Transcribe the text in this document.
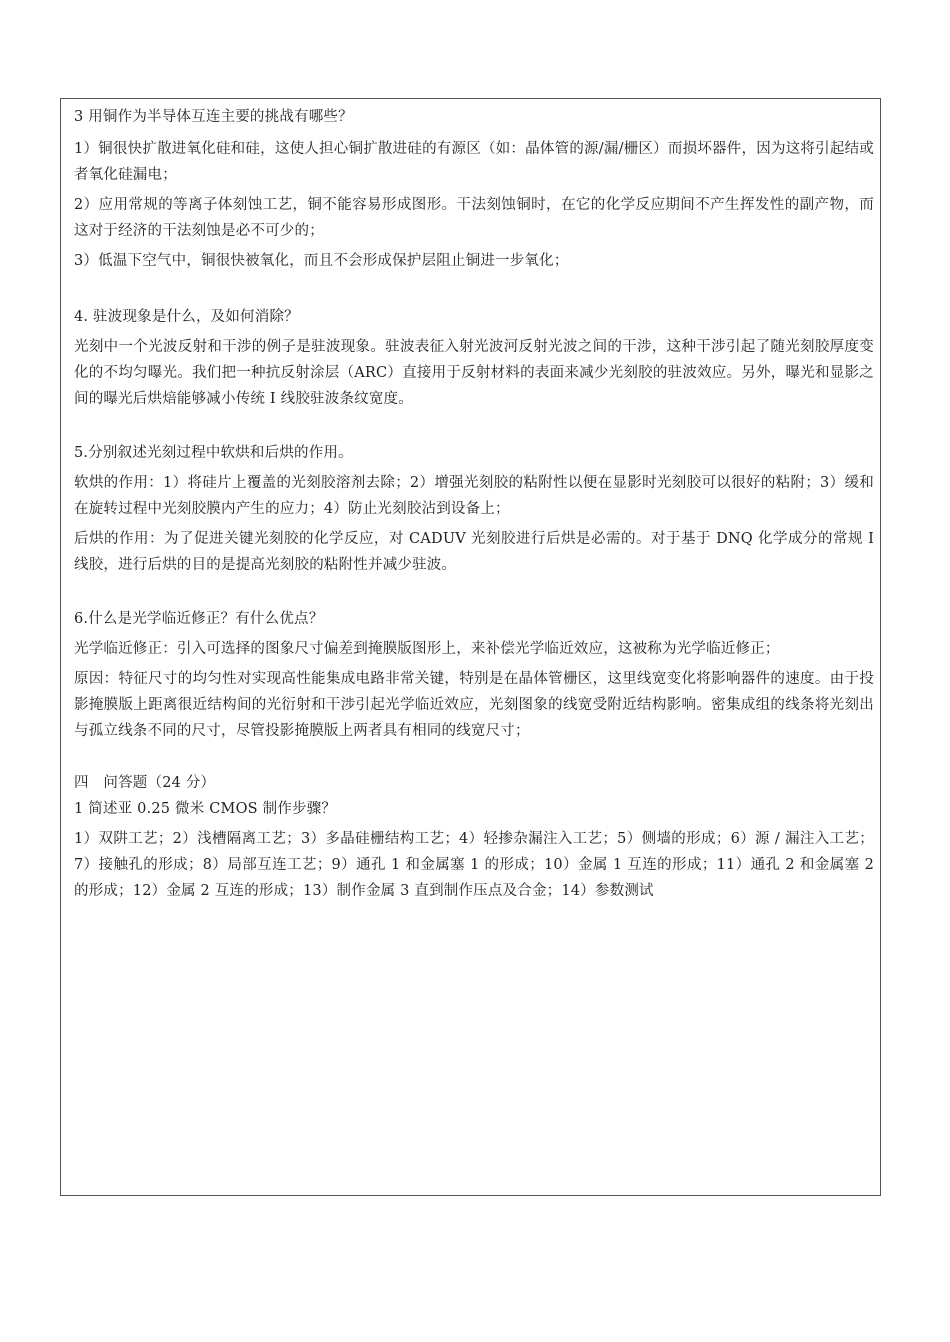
3 用铜作为半导体互连主要的挑战有哪些？

1）铜很快扩散进氧化硅和硅，这使人担心铜扩散进硅的有源区（如：晶体管的源/漏/栅区）而损坏器件，因为这将引起结或者氧化硅漏电；

2）应用常规的等离子体刻蚀工艺，铜不能容易形成图形。干法刻蚀铜时，在它的化学反应期间不产生挥发性的副产物，而这对于经济的干法刻蚀是必不可少的；

3）低温下空气中，铜很快被氧化，而且不会形成保护层阻止铜进一步氧化；

4. 驻波现象是什么，及如何消除？

光刻中一个光波反射和干涉的例子是驻波现象。驻波表征入射光波河反射光波之间的干涉，这种干涉引起了随光刻胶厚度变化的不均匀曝光。我们把一种抗反射涂层（ARC）直接用于反射材料的表面来减少光刻胶的驻波效应。另外，曝光和显影之间的曝光后烘焙能够减小传统 I 线胶驻波条纹宽度。

5.分别叙述光刻过程中软烘和后烘的作用。

软烘的作用：1）将硅片上覆盖的光刻胶溶剂去除；2）增强光刻胶的粘附性以便在显影时光刻胶可以很好的粘附；3）缓和在旋转过程中光刻胶膜内产生的应力；4）防止光刻胶沾到设备上；

后烘的作用：为了促进关键光刻胶的化学反应，对 CADUV 光刻胶进行后烘是必需的。对于基于 DNQ 化学成分的常规 I 线胶，进行后烘的目的是提高光刻胶的粘附性并减少驻波。

6.什么是光学临近修正？有什么优点？

光学临近修正：引入可选择的图象尺寸偏差到掩膜版图形上，来补偿光学临近效应，这被称为光学临近修正；

原因：特征尺寸的均匀性对实现高性能集成电路非常关键，特别是在晶体管栅区，这里线宽变化将影响器件的速度。由于投影掩膜版上距离很近结构间的光衍射和干涉引起光学临近效应，光刻图象的线宽受附近结构影响。密集成组的线条将光刻出与孤立线条不同的尺寸，尽管投影掩膜版上两者具有相同的线宽尺寸；

四　问答题（24 分）

1 简述亚 0.25 微米 CMOS 制作步骤？

1）双阱工艺；2）浅槽隔离工艺；3）多晶硅栅结构工艺；4）轻掺杂漏注入工艺；5）侧墙的形成；6）源 / 漏注入工艺；7）接触孔的形成；8）局部互连工艺；9）通孔 1 和金属塞 1 的形成；10）金属 1 互连的形成；11）通孔 2 和金属塞 2 的形成；12）金属 2 互连的形成；13）制作金属 3 直到制作压点及合金；14）参数测试
